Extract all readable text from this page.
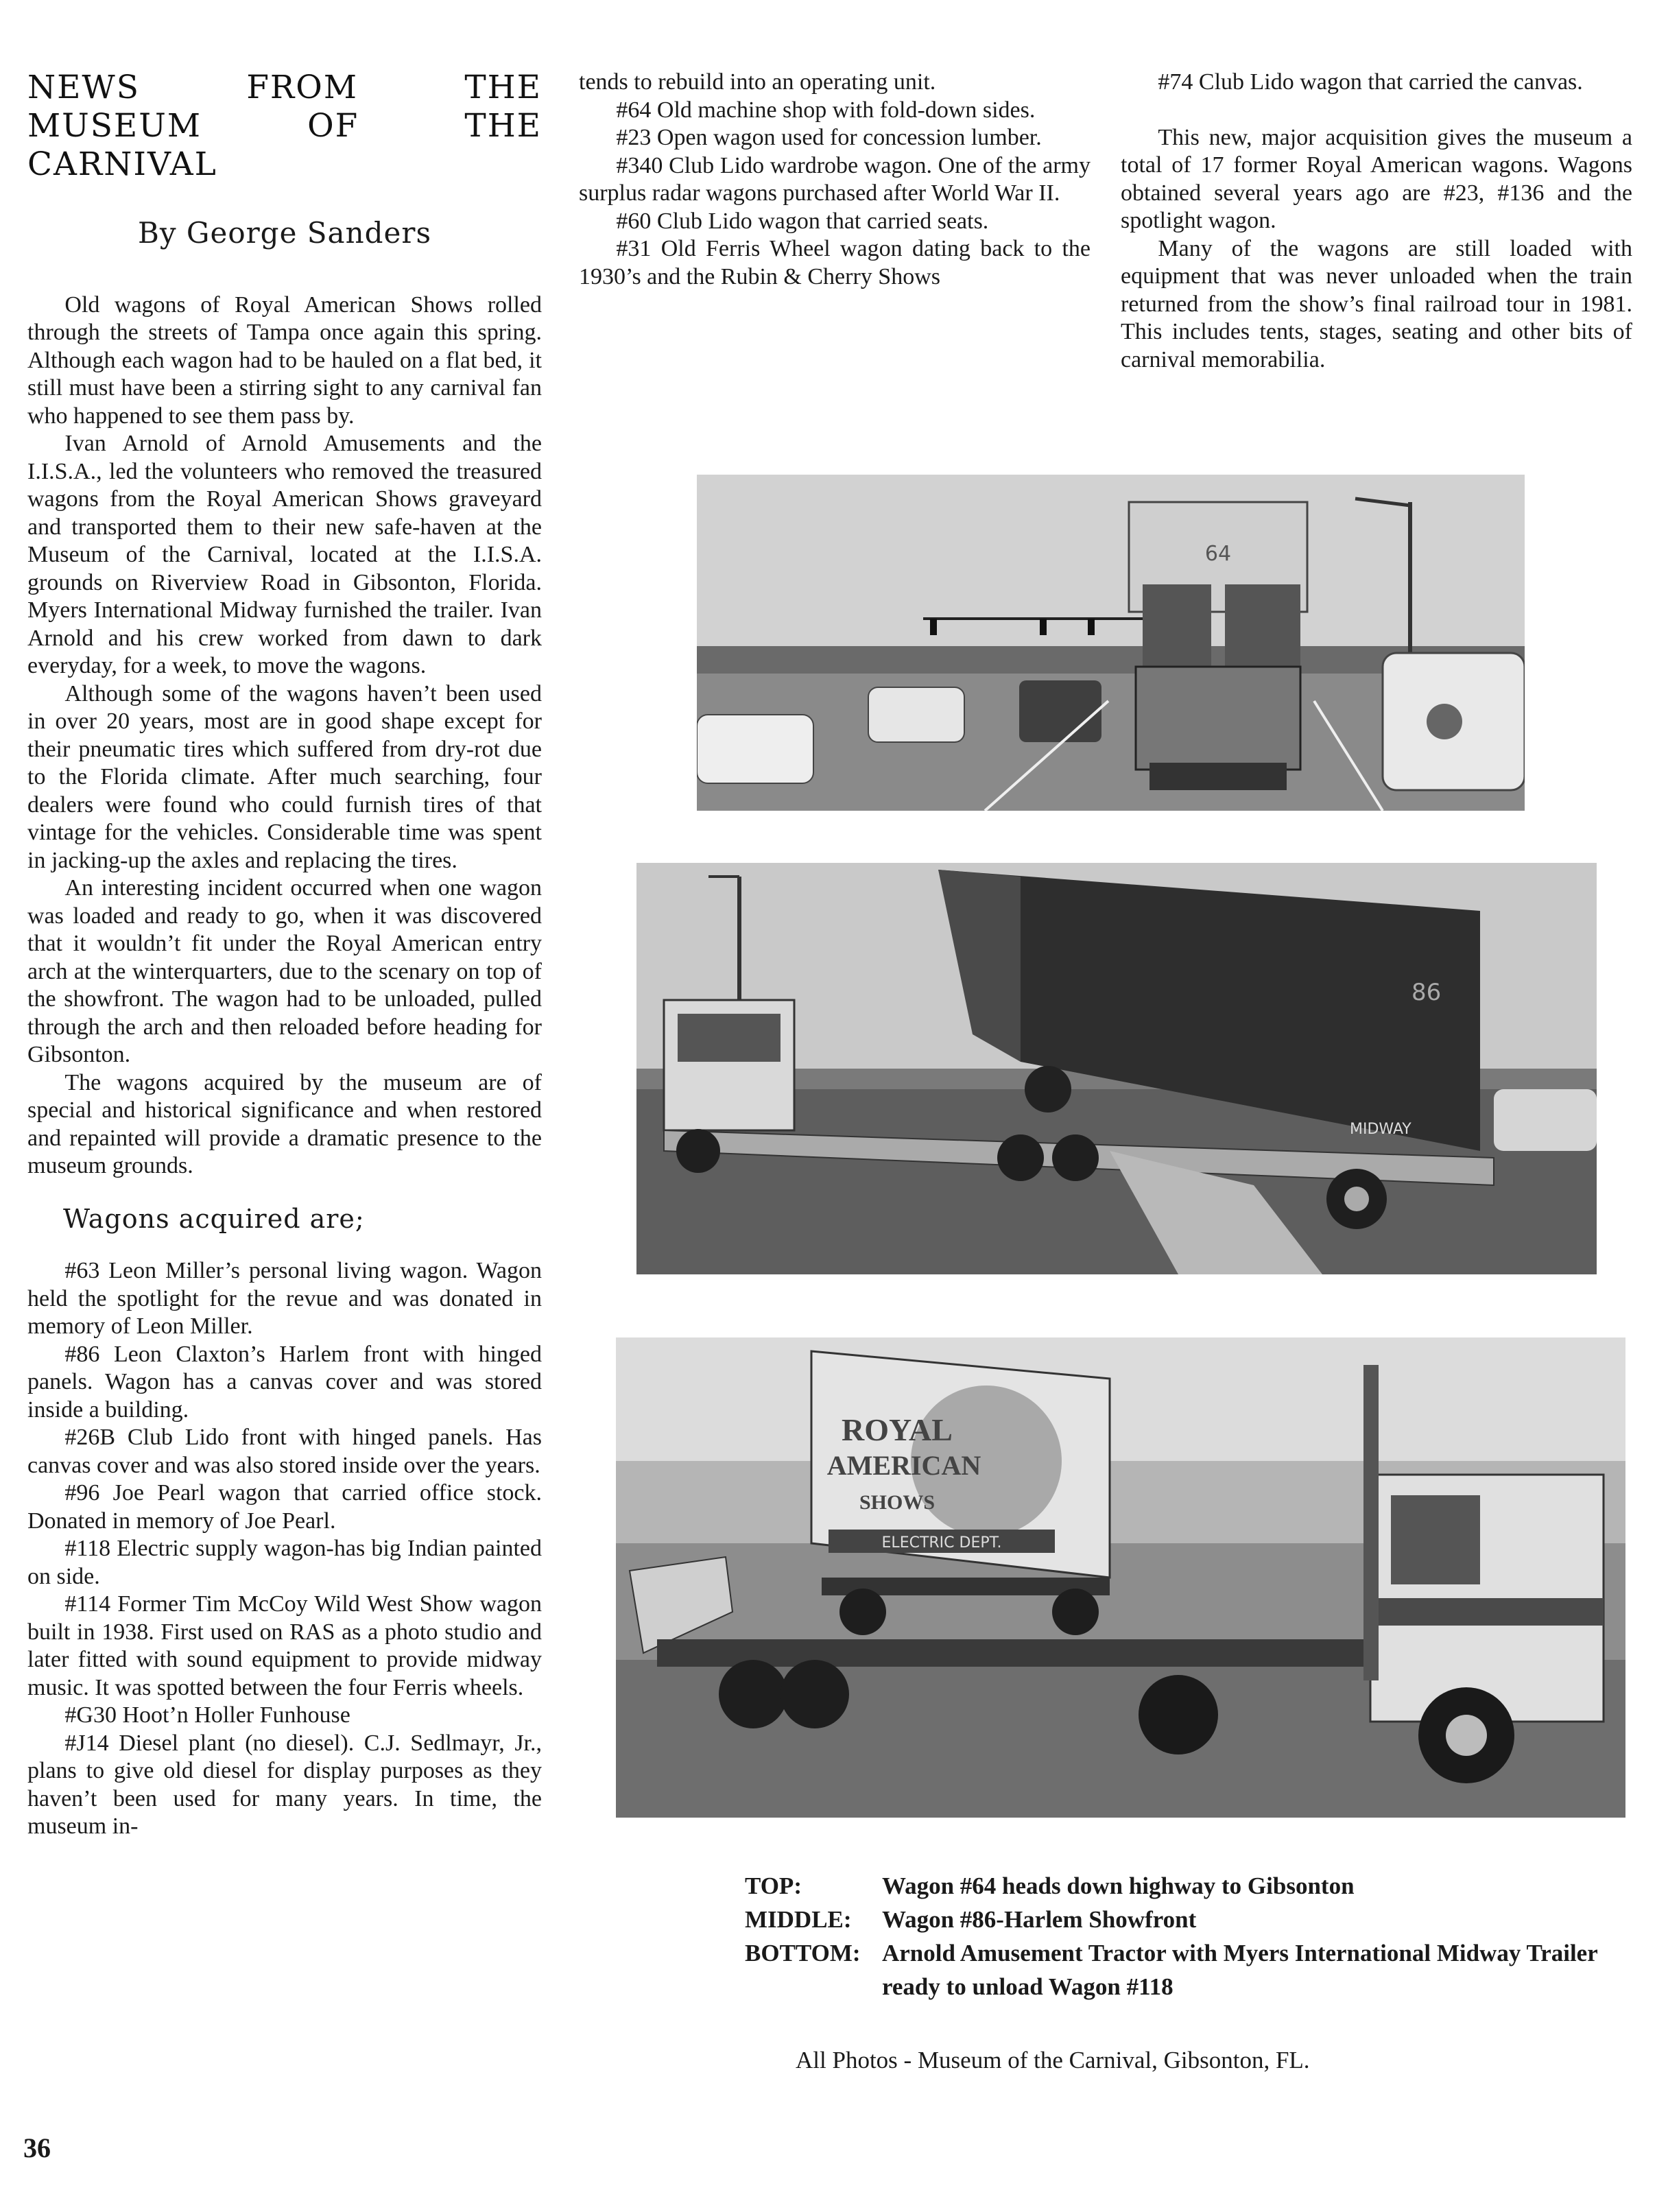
NEWS	FROM	THE
MUSEUM OF THE CARNIVAL
By George Sanders

Old wagons of Royal American Shows rolled through the streets of Tampa once again this spring. Although each wagon had to be hauled on a flat bed, it still must have been a stirring sight to any carnival fan who happened to see them pass by.

Ivan Arnold of Arnold Amusements and the I.I.S.A., led the volunteers who removed the treasured wagons from the Royal American Shows graveyard and transported them to their new safe-haven at the Museum of the Carnival, located at the I.I.S.A. grounds on Riverview Road in Gibsonton, Florida. Myers International Midway furnished the trailer. Ivan Arnold and his crew worked from dawn to dark everyday, for a week, to move the wagons.

Although some of the wagons haven’t been used in over 20 years, most are in good shape except for their pneumatic tires which suffered from dry-rot due to the Florida climate. After much searching, four dealers were found who could furnish tires of that vintage for the vehicles. Considerable time was spent in jacking-up the axles and replacing the tires.

An interesting incident occurred when one wagon was loaded and ready to go, when it was discovered that it wouldn’t fit under the Royal American entry arch at the winterquarters, due to the scenary on top of the showfront. The wagon had to be unloaded, pulled through the arch and then reloaded before heading for Gibsonton.

The wagons acquired by the museum are of special and historical significance and when restored and repainted will provide a dramatic presence to the museum grounds.

Wagons acquired are;

#63 Leon Miller’s personal living wagon. Wagon held the spotlight for the revue and was donated in memory of Leon Miller.

#86 Leon Claxton’s Harlem front with hinged panels. Wagon has a canvas cover and was stored inside a building.

#26B Club Lido front with hinged panels. Has canvas cover and was also stored inside over the years.

#96 Joe Pearl wagon that carried office stock. Donated in memory of Joe Pearl.

#118 Electric supply wagon-has big Indian painted on side.

#114 Former Tim McCoy Wild West Show wagon built in 1938. First used on RAS as a photo studio and later fitted with sound equipment to provide midway music. It was spotted between the four Ferris wheels.

#G30 Hoot’n Holler Funhouse

#J14 Diesel plant (no diesel). C.J. Sedlmayr, Jr., plans to give old diesel for display purposes as they haven’t been used for many years. In time, the museum in-

tends to rebuild into an operating unit.

#64 Old machine shop with fold-down sides.

#23 Open wagon used for concession lumber.

#340 Club Lido wardrobe wagon. One of the army surplus radar wagons purchased after World War II.

#60 Club Lido wagon that carried seats.

#31 Old Ferris Wheel wagon dating back to the 1930’s and the Rubin & Cherry Shows

#74 Club Lido wagon that carried the canvas.

This new, major acquisition gives the museum a total of 17 former Royal American wagons. Wagons obtained several years ago are #23, #136 and the spotlight wagon.

Many of the wagons are still loaded with equipment that was never unloaded when the train returned from the show’s final railroad tour in 1981. This includes tents, stages, seating and other bits of carnival memorabilia.

64
86
MIDWAY
ROYAL
AMERICAN
SHOWS
ELECTRIC DEPT.
TOP:	Wagon #64 heads down highway to Gibsonton
MIDDLE:	Wagon #86-Harlem Showfront
BOTTOM: Arnold Amusement Tractor with Myers International Midway Trailer ready to unload Wagon #118
All Photos - Museum of the Carnival, Gibsonton, FL.
36
